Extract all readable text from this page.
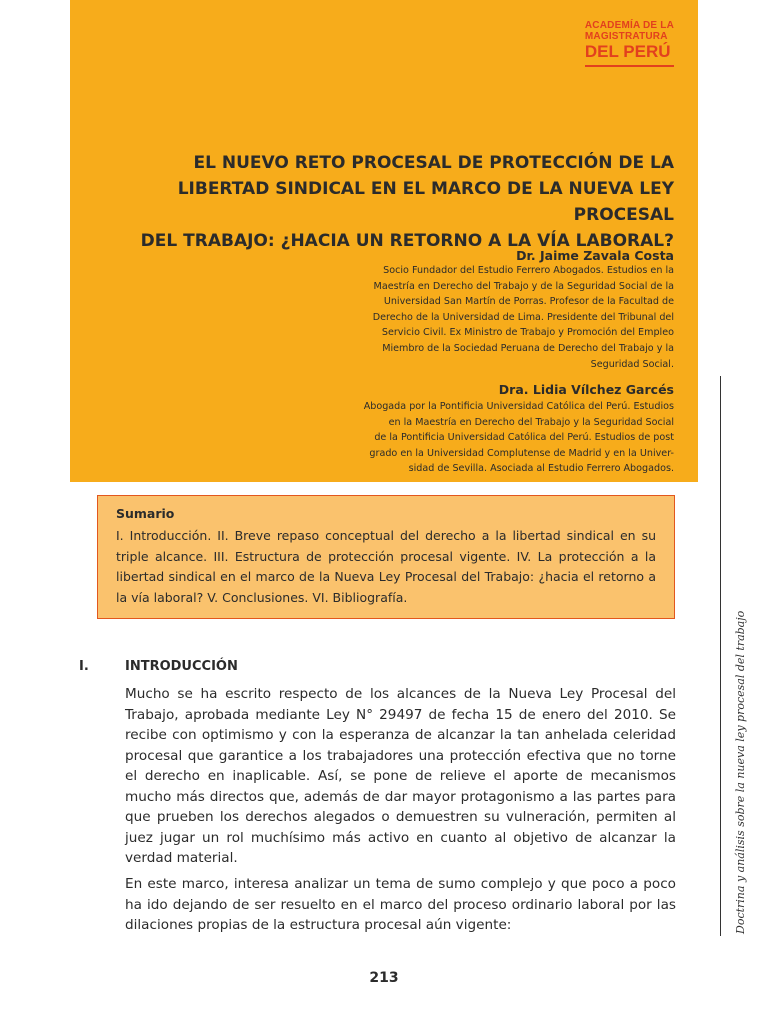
ACADEMÍA DE LA
MAGISTRATURA
DEL PERÚ
EL NUEVO RETO PROCESAL DE PROTECCIÓN DE LA
LIBERTAD SINDICAL EN EL MARCO DE LA NUEVA LEY PROCESAL
DEL TRABAJO: ¿HACIA UN RETORNO A LA VÍA LABORAL?
Dr. Jaime Zavala Costa
Socio Fundador del Estudio Ferrero Abogados. Estudios en la
Maestría en Derecho del Trabajo y de la Seguridad Social de la
Universidad San Martín de Porras. Profesor de la Facultad de
Derecho de la Universidad de Lima. Presidente del Tribunal del
Servicio Civil. Ex Ministro de Trabajo y Promoción del Empleo
Miembro de la Sociedad Peruana de Derecho del Trabajo y la
Seguridad Social.
Dra. Lidia Vílchez Garcés
Abogada por la Pontificia Universidad Católica del Perú. Estudios
en la Maestría en Derecho del Trabajo y la Seguridad Social
de la Pontificia Universidad Católica del Perú. Estudios de post
grado en la Universidad Complutense de Madrid y en la Univer-
sidad de Sevilla. Asociada al Estudio Ferrero Abogados.
Sumario
I. Introducción. II. Breve repaso conceptual del derecho a la libertad sindical en su triple alcance. III. Estructura de protección procesal vigente. IV. La protección a la libertad sindical en el marco de la Nueva Ley Procesal del Trabajo: ¿hacia el retorno a la vía laboral? V. Conclusiones. VI. Bibliografía.
I.	INTRODUCCIÓN

Mucho se ha escrito respecto de los alcances de la Nueva Ley Procesal del Trabajo, aprobada mediante Ley N° 29497 de fecha 15 de enero del 2010. Se recibe con optimismo y con la esperanza de alcanzar la tan anhelada celeridad procesal que garantice a los trabajadores una protección efectiva que no torne el derecho en inaplicable. Así, se pone de relieve el aporte de mecanismos mucho más directos que, además de dar mayor protagonismo a las partes para que prueben los derechos alegados o demuestren su vulneración, permiten al juez jugar un rol muchísimo más activo en cuanto al objetivo de alcanzar la verdad material.

En este marco, interesa analizar un tema de sumo complejo y que poco a poco ha ido dejando de ser resuelto en el marco del proceso ordinario laboral por las dilaciones propias de la estructura procesal aún vigente:	Doctrina y análisis sobre la nueva ley procesal del trabajo
213
